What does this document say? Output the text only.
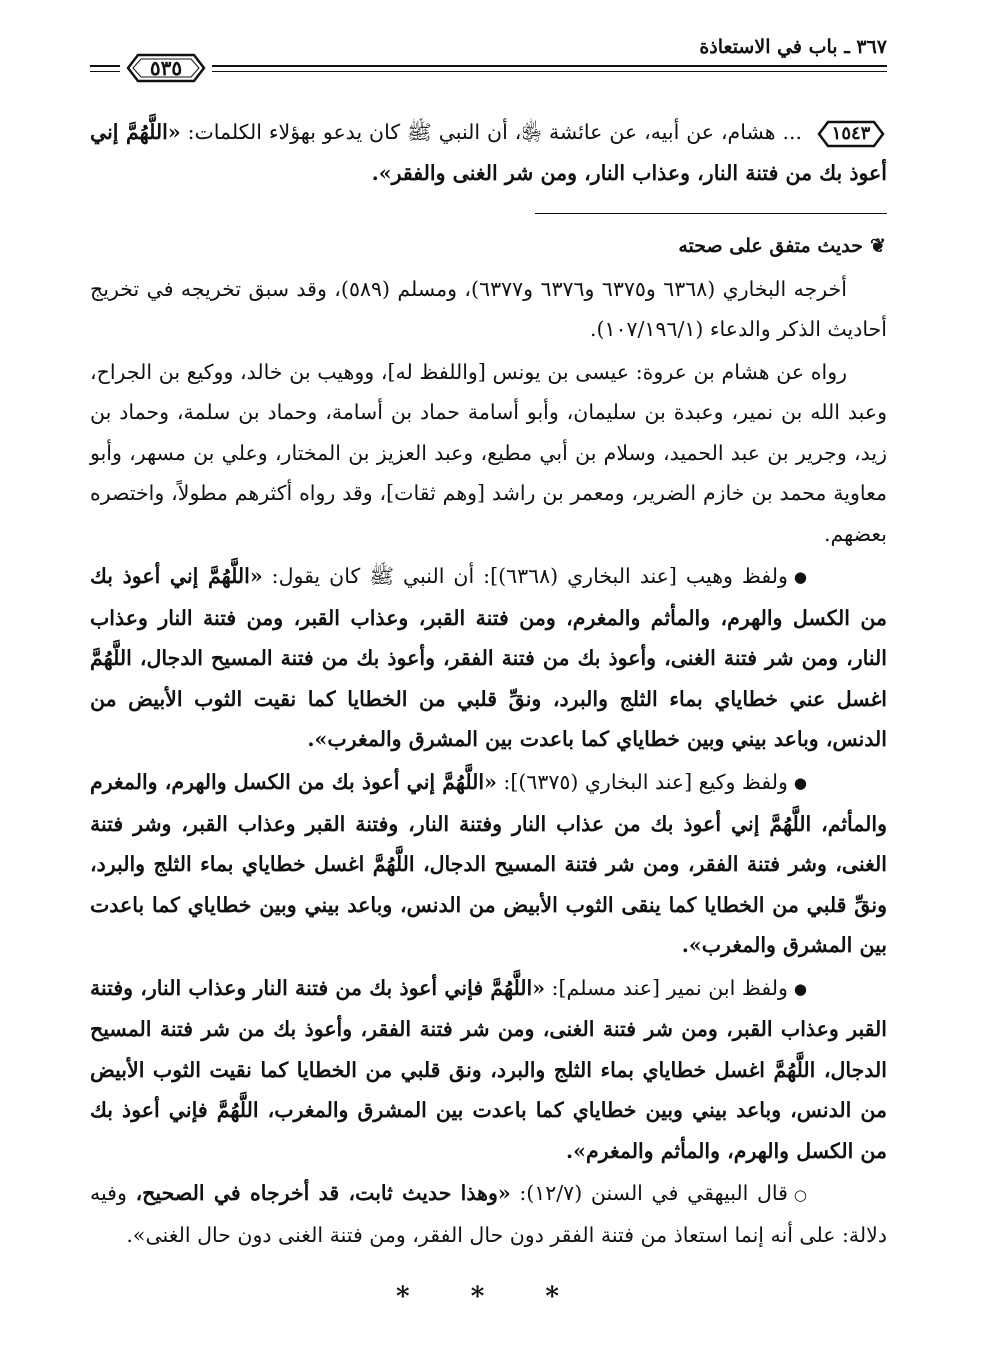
٣٦٧ ـ باب في الاستعاذة
٥٣٥
١٥٤٣
... هشام، عن أبيه، عن عائشة ﵂، أن النبي ﷺ كان يدعو بهؤلاء الكلمات: «اللَّهُمَّ إني أعوذ بك من فتنة النار، وعذاب النار، ومن شر الغنى والفقر».
❦حديث متفق على صحته

أخرجه البخاري (٦٣٦٨ و٦٣٧٥ و٦٣٧٦ و٦٣٧٧)، ومسلم (٥٨٩)، وقد سبق تخريجه في تخريج أحاديث الذكر والدعاء (١٠٧/١٩٦/١).

رواه عن هشام بن عروة: عيسى بن يونس [واللفظ له]، ووهيب بن خالد، ووكيع بن الجراح، وعبد الله بن نمير، وعبدة بن سليمان، وأبو أسامة حماد بن أسامة، وحماد بن سلمة، وحماد بن زيد، وجرير بن عبد الحميد، وسلام بن أبي مطيع، وعبد العزيز بن المختار، وعلي بن مسهر، وأبو معاوية محمد بن خازم الضرير، ومعمر بن راشد [وهم ثقات]، وقد رواه أكثرهم مطولاً، واختصره بعضهم.

●ولفظ وهيب [عند البخاري (٦٣٦٨)]: أن النبي ﷺ كان يقول: «اللَّهُمَّ إني أعوذ بك من الكسل والهرم، والمأثم والمغرم، ومن فتنة القبر، وعذاب القبر، ومن فتنة النار وعذاب النار، ومن شر فتنة الغنى، وأعوذ بك من فتنة الفقر، وأعوذ بك من فتنة المسيح الدجال، اللَّهُمَّ اغسل عني خطاياي بماء الثلج والبرد، ونقِّ قلبي من الخطايا كما نقيت الثوب الأبيض من الدنس، وباعد بيني وبين خطاياي كما باعدت بين المشرق والمغرب».

●ولفظ وكيع [عند البخاري (٦٣٧٥)]: «اللَّهُمَّ إني أعوذ بك من الكسل والهرم، والمغرم والمأثم، اللَّهُمَّ إني أعوذ بك من عذاب النار وفتنة النار، وفتنة القبر وعذاب القبر، وشر فتنة الغنى، وشر فتنة الفقر، ومن شر فتنة المسيح الدجال، اللَّهُمَّ اغسل خطاياي بماء الثلج والبرد، ونقِّ قلبي من الخطايا كما ينقى الثوب الأبيض من الدنس، وباعد بيني وبين خطاياي كما باعدت بين المشرق والمغرب».

●ولفظ ابن نمير [عند مسلم]: «اللَّهُمَّ فإني أعوذ بك من فتنة النار وعذاب النار، وفتنة القبر وعذاب القبر، ومن شر فتنة الغنى، ومن شر فتنة الفقر، وأعوذ بك من شر فتنة المسيح الدجال، اللَّهُمَّ اغسل خطاياي بماء الثلج والبرد، ونق قلبي من الخطايا كما نقيت الثوب الأبيض من الدنس، وباعد بيني وبين خطاياي كما باعدت بين المشرق والمغرب، اللَّهُمَّ فإني أعوذ بك من الكسل والهرم، والمأثم والمغرم».

○قال البيهقي في السنن (١٢/٧): «وهذا حديث ثابت، قد أخرجاه في الصحيح، وفيه دلالة: على أنه إنما استعاذ من فتنة الفقر دون حال الفقر، ومن فتنة الغنى دون حال الغنى».

* * *
